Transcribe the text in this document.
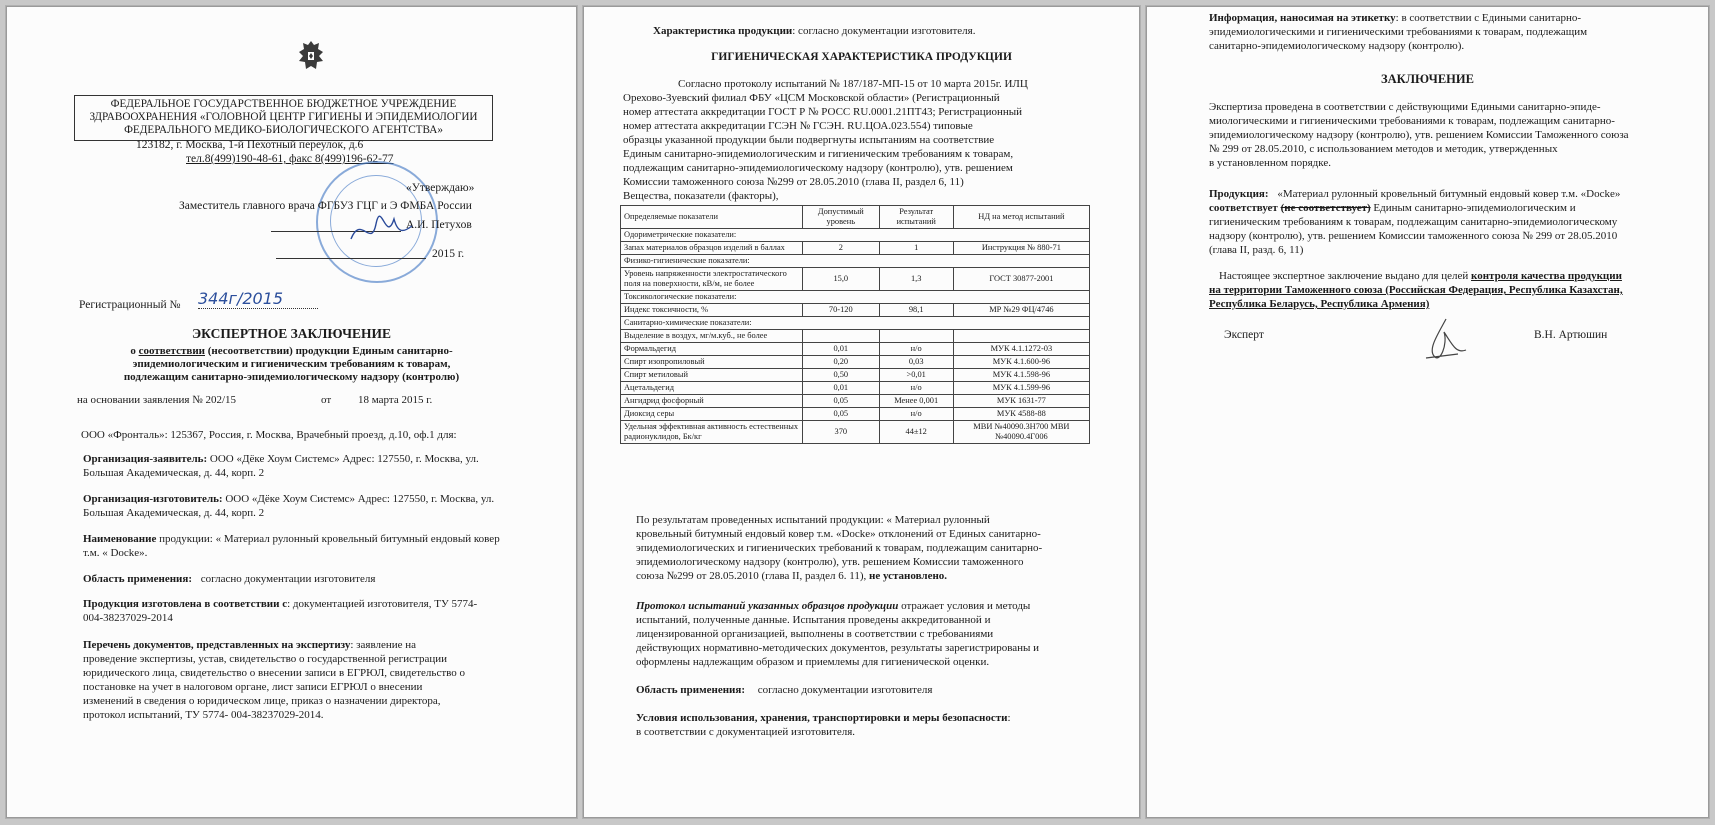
ФЕДЕРАЛЬНОЕ ГОСУДАРСТВЕННОЕ БЮДЖЕТНОЕ УЧРЕЖДЕНИЕ
ЗДРАВООХРАНЕНИЯ «ГОЛОВНОЙ ЦЕНТР ГИГИЕНЫ И ЭПИДЕМИОЛОГИИ
ФЕДЕРАЛЬНОГО МЕДИКО-БИОЛОГИЧЕСКОГО АГЕНТСТВА»
123182, г. Москва, 1-й Пехотный переулок, д.6
тел.8(499)190-48-61, факс 8(499)196-62-77
«Утверждаю»
Заместитель главного врача ФГБУЗ ГЦГ и Э ФМБА России
А.И. Петухов
2015 г.
Регистрационный № 344г/2015
ЭКСПЕРТНОЕ ЗАКЛЮЧЕНИЕ
о соответствии (несоответствии) продукции Единым санитарно-
эпидемиологическим и гигиеническим требованиям к товарам,
подлежащим санитарно-эпидемиологическому надзору (контролю)
на основании заявления № 202/15	от 18 марта 2015 г.
ООО «Фронталь»: 125367, Россия, г. Москва, Врачебный проезд, д.10, оф.1 для:
Организация-заявитель: ООО «Дёке Хоум Системс» Адрес: 127550, г. Москва, ул.
Большая Академическая, д. 44, корп. 2
Организация-изготовитель: ООО «Дёке Хоум Системс» Адрес: 127550, г. Москва, ул.
Большая Академическая, д. 44, корп. 2
Наименование продукции: « Материал рулонный кровельный битумный ендовый ковер
т.м. « Docke».
Область применения: согласно документации изготовителя
Продукция изготовлена в соответствии с: документацией изготовителя, ТУ 5774-
004-38237029-2014
Перечень документов, представленных на экспертизу: заявление на
проведение экспертизы, устав, свидетельство о государственной регистрации
юридического лица, свидетельство о внесении записи в ЕГРЮЛ, свидетельство о
постановке на учет в налоговом органе, лист записи ЕГРЮЛ о внесении
изменений в сведения о юридическом лице, приказ о назначении директора,
протокол испытаний, ТУ 5774- 004-38237029-2014.
Характеристика продукции: согласно документации изготовителя.
ГИГИЕНИЧЕСКАЯ ХАРАКТЕРИСТИКА ПРОДУКЦИИ
Согласно протоколу испытаний № 187/187-МП-15 от 10 марта 2015г. ИЛЦ
Орехово-Зуевский филиал ФБУ «ЦСМ Московской области» (Регистрационный
номер аттестата аккредитации ГОСТ Р № РОСС RU.0001.21ПТ43; Регистрационный
номер аттестата аккредитации ГСЭН № ГСЭН. RU.ЦОА.023.554) типовые
образцы указанной продукции были подвергнуты испытаниям на соответствие
Единым санитарно-эпидемиологическим и гигиеническим требованиям к товарам,
подлежащим санитарно-эпидемиологическому надзору (контролю), утв. решением
Комиссии таможенного союза №299 от 28.05.2010 (глава II, раздел 6, 11)
Вещества, показатели (факторы),
Определяемые показатели	Допустимый уровень	Результат испытаний	НД на метод испытаний
Одориметрические показатели:			
Запах материалов образцов изделий в баллах	2	1	Инструкция № 880-71
Физико-гигиенические показатели:			
Уровень напряженности электростатического поля на поверхности, кВ/м, не более	15,0	1,3	ГОСТ 30877-2001
Токсикологические показатели:			
Индекс токсичности, %	70-120	98,1	МР №29 ФЦ/4746
Санитарно-химические показатели:			
Выделение в воздух, мг/м.куб., не более			
Формальдегид	0,01	н/о	МУК 4.1.1272-03
Спирт изопропиловый	0,20	0,03	МУК 4.1.600-96
Спирт метиловый	0,50	>0,01	МУК 4.1.598-96
Ацетальдегид	0,01	н/о	МУК 4.1.599-96
Ангидрид фосфорный	0,05	Менее 0,001	МУК 1631-77
Диоксид серы	0,05	н/о	МУК 4588-88
Удельная эффективная активность естественных радионуклидов, Бк/кг	370	44±12	МВИ №40090.3Н700 МВИ №40090.4Г006
По результатам проведенных испытаний продукции: « Материал рулонный
кровельный битумный ендовый ковер т.м. «Docke» отклонений от Единых санитарно-
эпидемиологических и гигиенических требований к товарам, подлежащим санитарно-
эпидемиологическому надзору (контролю), утв. решением Комиссии таможенного
союза №299 от 28.05.2010 (глава II, раздел 6. 11), не установлено.
Протокол испытаний указанных образцов продукции отражает условия и методы
испытаний, полученные данные. Испытания проведены аккредитованной и
лицензированной организацией, выполнены в соответствии с требованиями
действующих нормативно-методических документов, результаты зарегистрированы и
оформлены надлежащим образом и приемлемы для гигиенической оценки.
Область применения: согласно документации изготовителя
Условия использования, хранения, транспортировки и меры безопасности:
в соответствии с документацией изготовителя.
Информация, наносимая на этикетку: в соответствии с Едиными санитарно-
эпидемиологическими и гигиеническими требованиями к товарам, подлежащим
санитарно-эпидемиологическому надзору (контролю).
ЗАКЛЮЧЕНИЕ
Экспертиза проведена в соответствии с действующими Едиными санитарно-эпиде-
миологическими и гигиеническими требованиями к товарам, подлежащим санитарно-
эпидемиологическому надзору (контролю), утв. решением Комиссии Таможенного союза
№ 299 от 28.05.2010, с использованием методов и методик, утвержденных
в установленном порядке.
Продукция: «Материал рулонный кровельный битумный ендовый ковер т.м. «Docke»
соответствует (не соответствует) Единым санитарно-эпидемиологическим и
гигиеническим требованиям к товарам, подлежащим санитарно-эпидемиологическому
надзору (контролю), утв. решением Комиссии таможенного союза № 299 от 28.05.2010
(глава II, разд. 6, 11)
Настоящее экспертное заключение выдано для целей контроля качества продукции
на территории Таможенного союза (Российская Федерация, Республика Казахстан,
Республика Беларусь, Республика Армения)
Эксперт	В.Н. Артюшин
